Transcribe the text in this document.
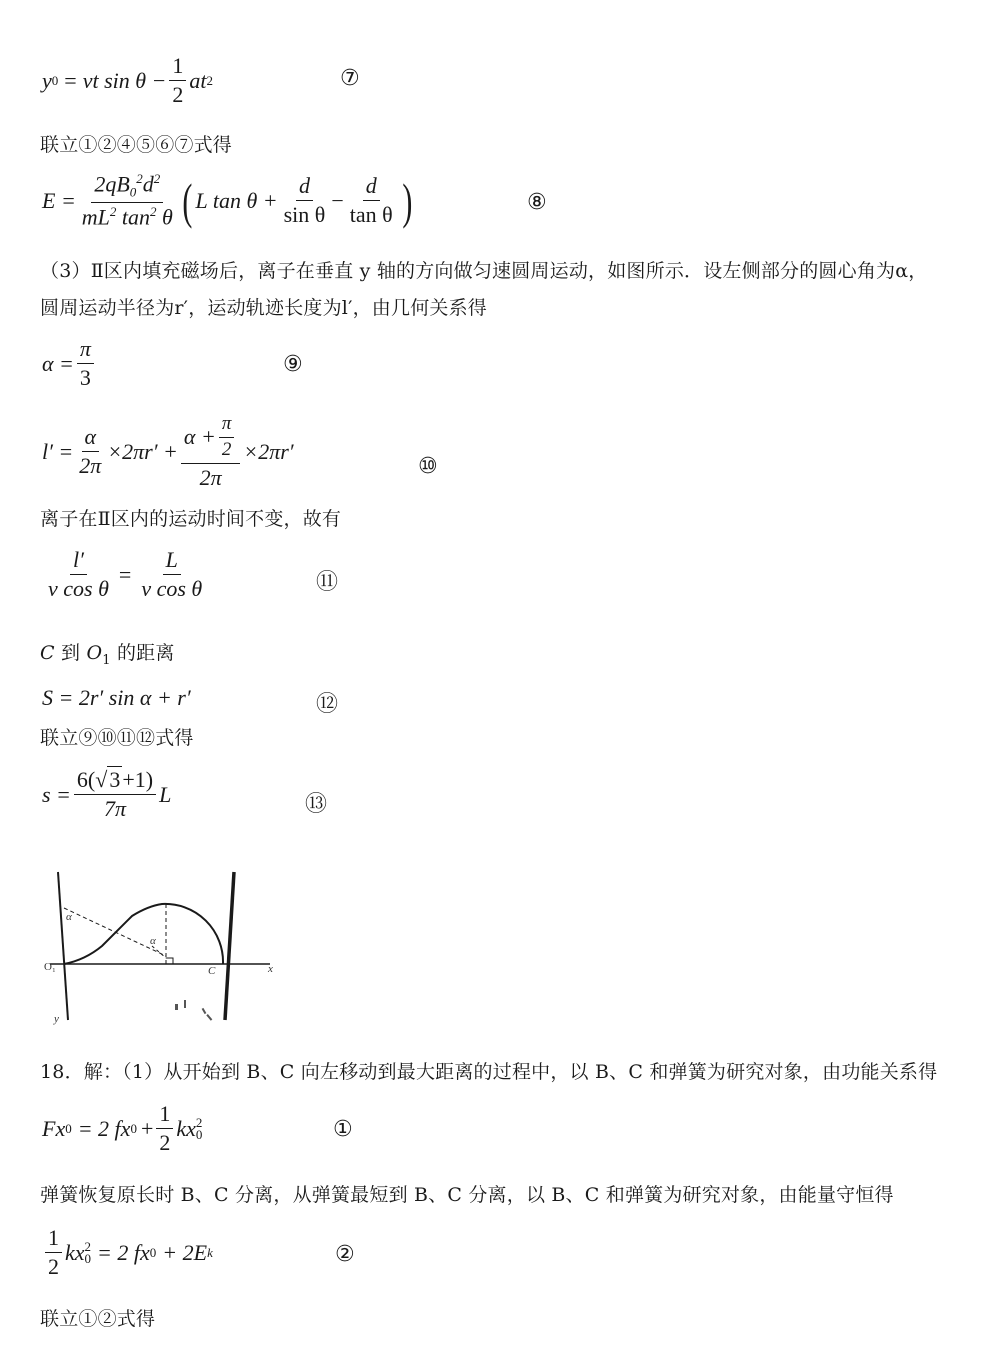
y 0 = vt $\sin \theta - \frac{1}{2}$ at 2	⑦
联立①②④⑤⑥⑦式得
$E = \frac{2qB_0^2d^2}{mL^2 \tan^2 \theta}$ ( L $\tan \theta + \frac{d}{\text{sin θ}} - \frac{d}{\text{tan θ}}$ )	⑧
（3）Ⅱ区内填充磁场后，离子在垂直 y 轴的方向做匀速圆周运动，如图所示．设左侧部分的圆心角为α，
圆周运动半径为r′，运动轨迹长度为l′，由几何关系得
$\alpha = \frac{\pi}{3}$	⑨
$l' = \frac{\alpha}{2\pi} \times 2\pi r' + \frac{\alpha + \frac{\pi}{2}}{2\pi} \times 2\pi r'$
⑩
离子在Ⅱ区内的运动时间不变，故有
$\frac{l'}{\text{v cos θ}} = \frac{L}{\text{v cos θ}}$	⑪
C 到 $O_1$ 的距离
S = 2r′ sin α + r′	⑫
联立⑨⑩⑪⑫式得
$s = \frac{6(√3+1)}{7\pi}$ L	⑬
α
α
O₁	C	x
y
18．解：（1）从开始到 B、C 向左移动到最大距离的过程中，以 B、C 和弹簧为研究对象，由功能关系得
Fx 0 = 2 fx $0 + \frac{1}{2}$ kx 2
0	①
弹簧恢复原长时 B、C 分离，从弹簧最短到 B、C 分离，以 B、C 和弹簧为研究对象，由能量守恒得
$\frac{1}{2}$ kx 2
0 = 2 fx 0 + 2E k	②
联立①②式得
